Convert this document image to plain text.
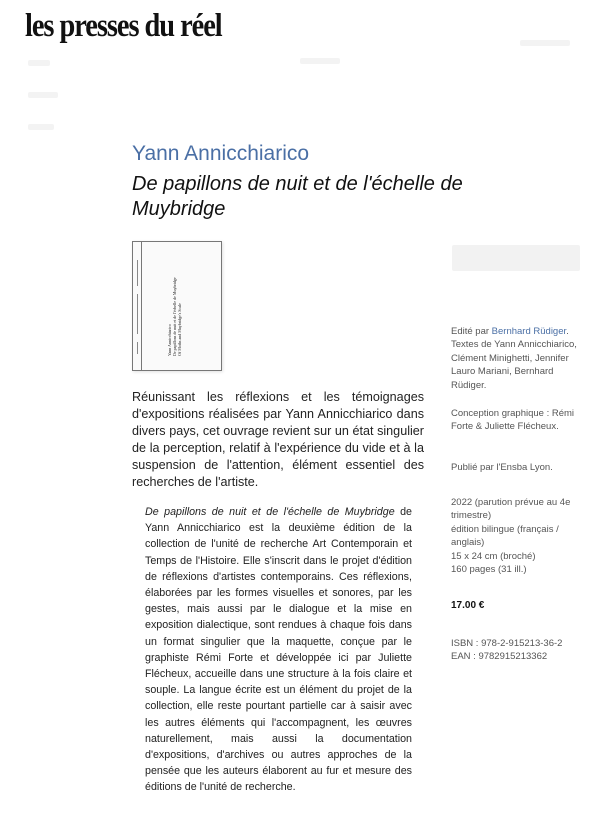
les presses du réel
Yann Annicchiarico
De papillons de nuit et de l'échelle de Muybridge
Yann Annicchiarico De papillons de nuit et de l'échelle de Muybridge Of Moths and Muybridge's Scale
Réunissant les réflexions et les témoignages d'expositions réalisées par Yann Annicchiarico dans divers pays, cet ouvrage revient sur un état singulier de la perception, relatif à l'expérience du vide et à la suspension de l'attention, élément essentiel des recherches de l'artiste.
De papillons de nuit et de l'échelle de Muybridge de Yann Annicchiarico est la deuxième édition de la collection de l'unité de recherche Art Contemporain et Temps de l'Histoire. Elle s'inscrit dans le projet d'édition de réflexions d'artistes contemporains. Ces réflexions, élaborées par les formes visuelles et sonores, par les gestes, mais aussi par le dialogue et la mise en exposition dialectique, sont rendues à chaque fois dans un format singulier que la maquette, conçue par le graphiste Rémi Forte et développée ici par Juliette Flécheux, accueille dans une structure à la fois claire et souple. La langue écrite est un élément du projet de la collection, elle reste pourtant partielle car à saisir avec les autres éléments qui l'accompagnent, les œuvres naturellement, mais aussi la documentation d'expositions, d'archives ou autres approches de la pensée que les auteurs élaborent au fur et mesure des éditions de l'unité de recherche.
Edité par Bernhard Rüdiger.
Textes de Yann Annicchiarico, Clément Minighetti, Jennifer Lauro Mariani, Bernhard Rüdiger.
Conception graphique : Rémi Forte & Juliette Flécheux.
Publié par l'Ensba Lyon.
2022 (parution prévue au 4e trimestre)
édition bilingue (français / anglais)
15 x 24 cm (broché)
160 pages (31 ill.)
17.00 €
ISBN : 978-2-915213-36-2
EAN : 9782915213362
